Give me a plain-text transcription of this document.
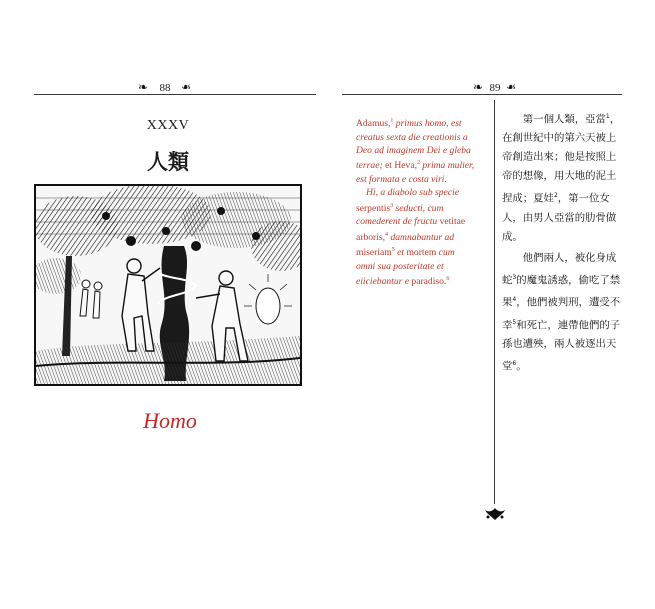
❧	88 ❧
XXXV
人類
Homo
❧ 89 ❧

Adamus,$^1$ primus homo, est creatus sexta die creationis a Deo ad imaginem Dei e gleba terrae; et Heva,$^2$ prima mulier, est formata e costa viri.

Hi, a diabolo sub specie serpentis$^3$ seducti, cum comederent de fructu vetitae arboris,$^4$ damnabantur ad miseriam$^5$ et mortem cum omni sua posteritate et eiiciebantur e paradiso.$^6$

第一個人類，亞當$^1$，在創世紀中的第六天被上帝創造出來；他是按照上帝的想像，用大地的泥土捏成；夏娃$^2$，第一位女人，由男人亞當的肋骨做成。

他們兩人，被化身成蛇$^3$的魔鬼誘惑，偷吃了禁果$^4$，他們被判刑，遭受不幸$^5$和死亡，連帶他們的子孫也遭殃，兩人被逐出天堂$^6$。
